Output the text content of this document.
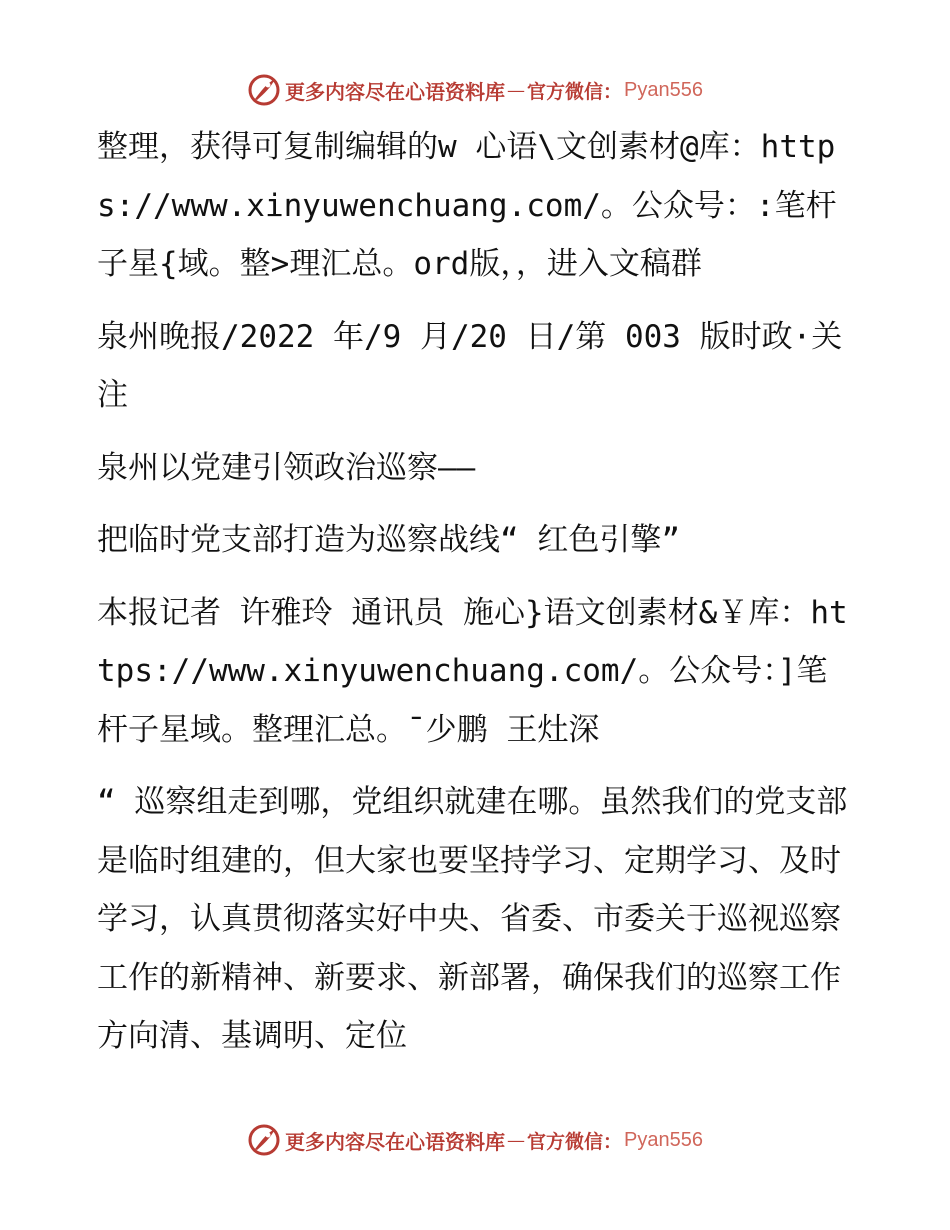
更多内容尽在心语资料库 — 官方微信： Pyan556

整理，获得可复制编辑的w 心语\文创素材@库：https://www.xinyuwenchuang.com/。公众号：:笔杆子星{域。整>理汇总。ord版，，进入文稿群

泉州晚报/2022 年/9 月/20 日/第 003 版时政·关注

泉州以党建引领政治巡察——

把临时党支部打造为巡察战线“ 红色引擎”

本报记者 许雅玲 通讯员 施心}语文创素材&￥库：https://www.xinyuwenchuang.com/。公众号：]笔杆子星域。整理汇总。¯少鹏 王灶深

“ 巡察组走到哪，党组织就建在哪。虽然我们的党支部是临时组建的，但大家也要坚持学习、定期学习、及时学习，认真贯彻落实好中央、省委、市委关于巡视巡察工作的新精神、新要求、新部署，确保我们的巡察工作方向清、基调明、定位

更多内容尽在心语资料库 — 官方微信： Pyan556
